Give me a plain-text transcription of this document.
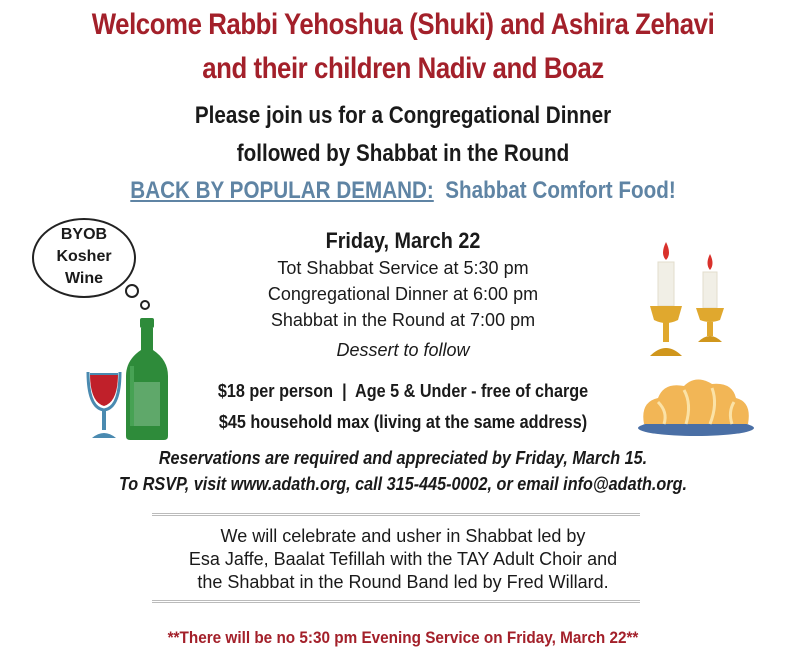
Welcome Rabbi Yehoshua (Shuki) and Ashira Zehavi
and their children Nadiv and Boaz
Please join us for a Congregational Dinner
followed by Shabbat in the Round
BACK BY POPULAR DEMAND: Shabbat Comfort Food!
BYOB
Kosher
Wine
Friday, March 22
Tot Shabbat Service at 5:30 pm
Congregational Dinner at 6:00 pm
Shabbat in the Round at 7:00 pm
Dessert to follow
$18 per person  |  Age 5 & Under - free of charge
$45 household max (living at the same address)
Reservations are required and appreciated by Friday, March 15.
To RSVP, visit www.adath.org, call 315-445-0002, or email info@adath.org.
We will celebrate and usher in Shabbat led by
Esa Jaffe, Baalat Tefillah with the TAY Adult Choir and
the Shabbat in the Round Band led by Fred Willard.
**There will be no 5:30 pm Evening Service on Friday, March 22**
